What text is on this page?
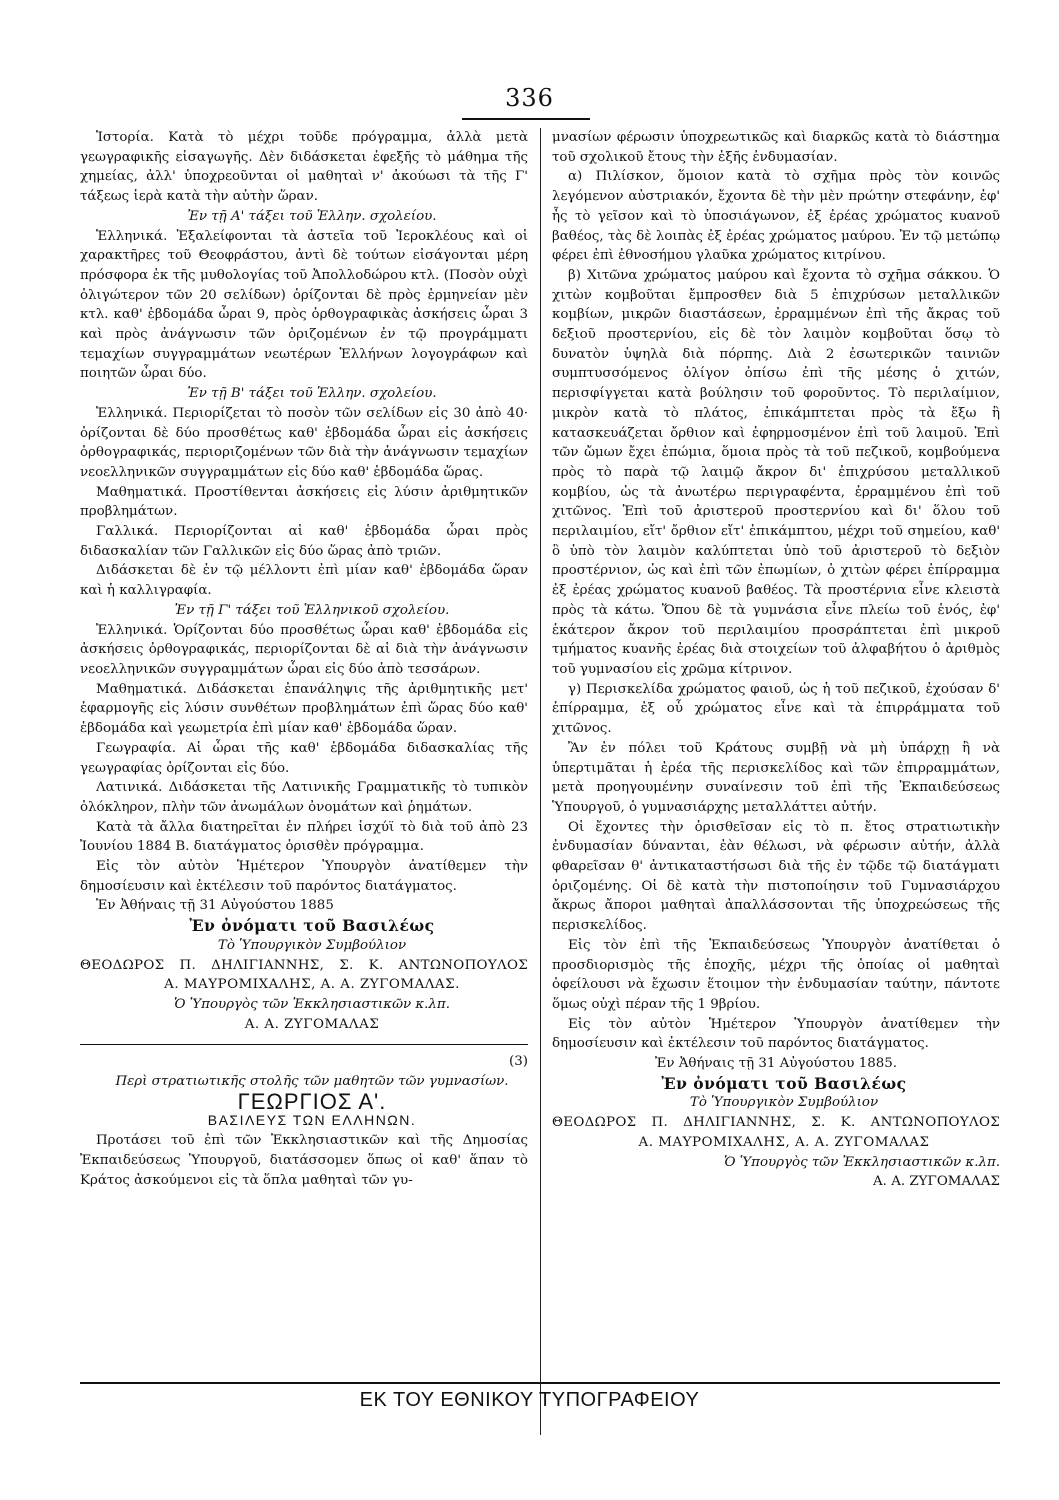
336

Ἱστορία. Κατὰ τὸ μέχρι τοῦδε πρόγραμμα, ἀλλὰ μετὰ γεωγραφικῆς εἰσαγωγῆς. Δὲν διδάσκεται ἐφεξῆς τὸ μάθημα τῆς χημείας, ἀλλ' ὑποχρεοῦνται οἱ μαθηταὶ ν' ἀκούωσι τὰ τῆς Γ' τάξεως ἱερὰ κατὰ τὴν αὐτὴν ὥραν.

Ἐν τῇ Α' τάξει τοῦ Ἑλλην. σχολείου.

Ἑλληνικά. Ἐξαλείφονται τὰ ἀστεῖα τοῦ Ἱεροκλέους καὶ οἱ χαρακτῆρες τοῦ Θεοφράστου, ἀντὶ δὲ τούτων εἰσάγονται μέρη πρόσφορα ἐκ τῆς μυθολογίας τοῦ Ἀπολλοδώρου κτλ. (Ποσὸν οὐχὶ ὀλιγώτερον τῶν 20 σελίδων) ὁρίζονται δὲ πρὸς ἑρμηνείαν μὲν κτλ. καθ' ἑβδομάδα ὧραι 9, πρὸς ὀρθογραφικὰς ἀσκήσεις ὧραι 3 καὶ πρὸς ἀνάγνωσιν τῶν ὁριζομένων ἐν τῷ προγράμματι τεμαχίων συγγραμμάτων νεωτέρων Ἑλλήνων λογογράφων καὶ ποιητῶν ὧραι δύο.

Ἐν τῇ Β' τάξει τοῦ Ἑλλην. σχολείου.

Ἑλληνικά. Περιορίζεται τὸ ποσὸν τῶν σελίδων εἰς 30 ἀπὸ 40· ὁρίζονται δὲ δύο προσθέτως καθ' ἑβδομάδα ὧραι εἰς ἀσκήσεις ὀρθογραφικάς, περιοριζομένων τῶν διὰ τὴν ἀνάγνωσιν τεμαχίων νεοελληνικῶν συγγραμμάτων εἰς δύο καθ' ἑβδομάδα ὥρας.

Μαθηματικά. Προστίθενται ἀσκήσεις εἰς λύσιν ἀριθμητικῶν προβλημάτων.

Γαλλικά. Περιορίζονται αἱ καθ' ἑβδομάδα ὧραι πρὸς διδασκαλίαν τῶν Γαλλικῶν εἰς δύο ὥρας ἀπὸ τριῶν.

Διδάσκεται δὲ ἐν τῷ μέλλοντι ἐπὶ μίαν καθ' ἑβδομάδα ὥραν καὶ ἡ καλλιγραφία.

Ἐν τῇ Γ' τάξει τοῦ Ἑλληνικοῦ σχολείου.

Ἑλληνικά. Ὁρίζονται δύο προσθέτως ὧραι καθ' ἑβδομάδα εἰς ἀσκήσεις ὀρθογραφικάς, περιορίζονται δὲ αἱ διὰ τὴν ἀνάγνωσιν νεοελληνικῶν συγγραμμάτων ὧραι εἰς δύο ἀπὸ τεσσάρων.

Μαθηματικά. Διδάσκεται ἐπανάληψις τῆς ἀριθμητικῆς μετ' ἐφαρμογῆς εἰς λύσιν συνθέτων προβλημάτων ἐπὶ ὥρας δύο καθ' ἑβδομάδα καὶ γεωμετρία ἐπὶ μίαν καθ' ἑβδομάδα ὥραν.

Γεωγραφία. Αἱ ὧραι τῆς καθ' ἑβδομάδα διδασκαλίας τῆς γεωγραφίας ὁρίζονται εἰς δύο.

Λατινικά. Διδάσκεται τῆς Λατινικῆς Γραμματικῆς τὸ τυπικὸν ὁλόκληρον, πλὴν τῶν ἀνωμάλων ὀνομάτων καὶ ῥημάτων.

Κατὰ τὰ ἄλλα διατηρεῖται ἐν πλήρει ἰσχύϊ τὸ διὰ τοῦ ἀπὸ 23 Ἰουνίου 1884 Β. διατάγματος ὁρισθὲν πρόγραμμα.

Εἰς τὸν αὐτὸν Ἡμέτερον Ὑπουργὸν ἀνατίθεμεν τὴν δημοσίευσιν καὶ ἐκτέλεσιν τοῦ παρόντος διατάγματος.

Ἐν Ἀθήναις τῇ 31 Αὐγούστου 1885

Ἐν ὀνόματι τοῦ Βασιλέως

Τὸ Ὑπουργικὸν Συμβούλιον

ΘΕΟΔΩΡΟΣ Π. ΔΗΛΙΓΙΑΝΝΗΣ, Σ. Κ. ΑΝΤΩΝΟΠΟΥΛΟΣ

Α. ΜΑΥΡΟΜΙΧΑΛΗΣ, Α. Α. ΖΥΓΟΜΑΛΑΣ.

Ὁ Ὑπουργὸς τῶν Ἐκκλησιαστικῶν κ.λπ.

Α. Α. ΖΥΓΟΜΑΛΑΣ

(3)

Περὶ στρατιωτικῆς στολῆς τῶν μαθητῶν τῶν γυμνασίων.

ΓΕΩΡΓΙΟΣ Α'.

ΒΑΣΙΛΕΥΣ ΤΩΝ ΕΛΛΗΝΩΝ.

Προτάσει τοῦ ἐπὶ τῶν Ἐκκλησιαστικῶν καὶ τῆς Δημοσίας Ἐκπαιδεύσεως Ὑπουργοῦ, διατάσσομεν ὅπως οἱ καθ' ἅπαν τὸ Κράτος ἀσκούμενοι εἰς τὰ ὅπλα μαθηταὶ τῶν γυ-

μνασίων φέρωσιν ὑποχρεωτικῶς καὶ διαρκῶς κατὰ τὸ διάστημα τοῦ σχολικοῦ ἔτους τὴν ἑξῆς ἐνδυμασίαν.

α) Πιλίσκον, ὅμοιον κατὰ τὸ σχῆμα πρὸς τὸν κοινῶς λεγόμενον αὐστριακόν, ἔχοντα δὲ τὴν μὲν πρώτην στεφάνην, ἐφ' ἧς τὸ γεῖσον καὶ τὸ ὑποσιάγωνον, ἐξ ἐρέας χρώματος κυανοῦ βαθέος, τὰς δὲ λοιπὰς ἐξ ἐρέας χρώματος μαύρου. Ἐν τῷ μετώπῳ φέρει ἐπὶ ἐθνοσήμου γλαῦκα χρώματος κιτρίνου.

β) Χιτῶνα χρώματος μαύρου καὶ ἔχοντα τὸ σχῆμα σάκκου. Ὁ χιτὼν κομβοῦται ἔμπροσθεν διὰ 5 ἐπιχρύσων μεταλλικῶν κομβίων, μικρῶν διαστάσεων, ἐρραμμένων ἐπὶ τῆς ἄκρας τοῦ δεξιοῦ προστερνίου, εἰς δὲ τὸν λαιμὸν κομβοῦται ὅσῳ τὸ δυνατὸν ὑψηλὰ διὰ πόρπης. Διὰ 2 ἐσωτερικῶν ταινιῶν συμπτυσσόμενος ὀλίγον ὀπίσω ἐπὶ τῆς μέσης ὁ χιτών, περισφίγγεται κατὰ βούλησιν τοῦ φοροῦντος. Τὸ περιλαίμιον, μικρὸν κατὰ τὸ πλάτος, ἐπικάμπτεται πρὸς τὰ ἔξω ἢ κατασκευάζεται ὄρθιον καὶ ἐφηρμοσμένον ἐπὶ τοῦ λαιμοῦ. Ἐπὶ τῶν ὤμων ἔχει ἐπώμια, ὅμοια πρὸς τὰ τοῦ πεζικοῦ, κομβούμενα πρὸς τὸ παρὰ τῷ λαιμῷ ἄκρον δι' ἐπιχρύσου μεταλλικοῦ κομβίου, ὡς τὰ ἀνωτέρω περιγραφέντα, ἐρραμμένου ἐπὶ τοῦ χιτῶνος. Ἐπὶ τοῦ ἀριστεροῦ προστερνίου καὶ δι' ὅλου τοῦ περιλαιμίου, εἴτ' ὄρθιον εἴτ' ἐπικάμπτου, μέχρι τοῦ σημείου, καθ' ὃ ὑπὸ τὸν λαιμὸν καλύπτεται ὑπὸ τοῦ ἀριστεροῦ τὸ δεξιὸν προστέρνιον, ὡς καὶ ἐπὶ τῶν ἐπωμίων, ὁ χιτὼν φέρει ἐπίρραμμα ἐξ ἐρέας χρώματος κυανοῦ βαθέος. Τὰ προστέρνια εἶνε κλειστὰ πρὸς τὰ κάτω. Ὅπου δὲ τὰ γυμνάσια εἶνε πλείω τοῦ ἑνός, ἐφ' ἑκάτερον ἄκρον τοῦ περιλαιμίου προσράπτεται ἐπὶ μικροῦ τμήματος κυανῆς ἐρέας διὰ στοιχείων τοῦ ἀλφαβήτου ὁ ἀριθμὸς τοῦ γυμνασίου εἰς χρῶμα κίτρινον.

γ) Περισκελίδα χρώματος φαιοῦ, ὡς ἡ τοῦ πεζικοῦ, ἐχούσαν δ' ἐπίρραμμα, ἐξ οὗ χρώματος εἶνε καὶ τὰ ἐπιρράμματα τοῦ χιτῶνος.

Ἂν ἐν πόλει τοῦ Κράτους συμβῇ νὰ μὴ ὑπάρχῃ ἢ νὰ ὑπερτιμᾶται ἡ ἐρέα τῆς περισκελίδος καὶ τῶν ἐπιρραμμάτων, μετὰ προηγουμένην συναίνεσιν τοῦ ἐπὶ τῆς Ἐκπαιδεύσεως Ὑπουργοῦ, ὁ γυμνασιάρχης μεταλλάττει αὐτήν.

Οἱ ἔχοντες τὴν ὁρισθεῖσαν εἰς τὸ π. ἔτος στρατιωτικὴν ἐνδυμασίαν δύνανται, ἐὰν θέλωσι, νὰ φέρωσιν αὐτήν, ἀλλὰ φθαρεῖσαν θ' ἀντικαταστήσωσι διὰ τῆς ἐν τῷδε τῷ διατάγματι ὁριζομένης. Οἱ δὲ κατὰ τὴν πιστοποίησιν τοῦ Γυμνασιάρχου ἄκρως ἄποροι μαθηταὶ ἀπαλλάσσονται τῆς ὑποχρεώσεως τῆς περισκελίδος.

Εἰς τὸν ἐπὶ τῆς Ἐκπαιδεύσεως Ὑπουργὸν ἀνατίθεται ὁ προσδιορισμὸς τῆς ἐποχῆς, μέχρι τῆς ὁποίας οἱ μαθηταὶ ὀφείλουσι νὰ ἔχωσιν ἕτοιμον τὴν ἐνδυμασίαν ταύτην, πάντοτε ὅμως οὐχὶ πέραν τῆς 1 9βρίου.

Εἰς τὸν αὐτὸν Ἡμέτερον Ὑπουργὸν ἀνατίθεμεν τὴν δημοσίευσιν καὶ ἐκτέλεσιν τοῦ παρόντος διατάγματος.

Ἐν Ἀθήναις τῇ 31 Αὐγούστου 1885.

Ἐν ὀνόματι τοῦ Βασιλέως

Τὸ Ὑπουργικὸν Συμβούλιον

ΘΕΟΔΩΡΟΣ Π. ΔΗΛΙΓΙΑΝΝΗΣ, Σ. Κ. ΑΝΤΩΝΟΠΟΥΛΟΣ

Α. ΜΑΥΡΟΜΙΧΑΛΗΣ, Α. Α. ΖΥΓΟΜΑΛΑΣ

Ὁ Ὑπουργὸς τῶν Ἐκκλησιαστικῶν κ.λπ.

Α. Α. ΖΥΓΟΜΑΛΑΣ

ΕΚ ΤΟΥ ΕΘΝΙΚΟΥ ΤΥΠΟΓΡΑΦΕΙΟΥ
